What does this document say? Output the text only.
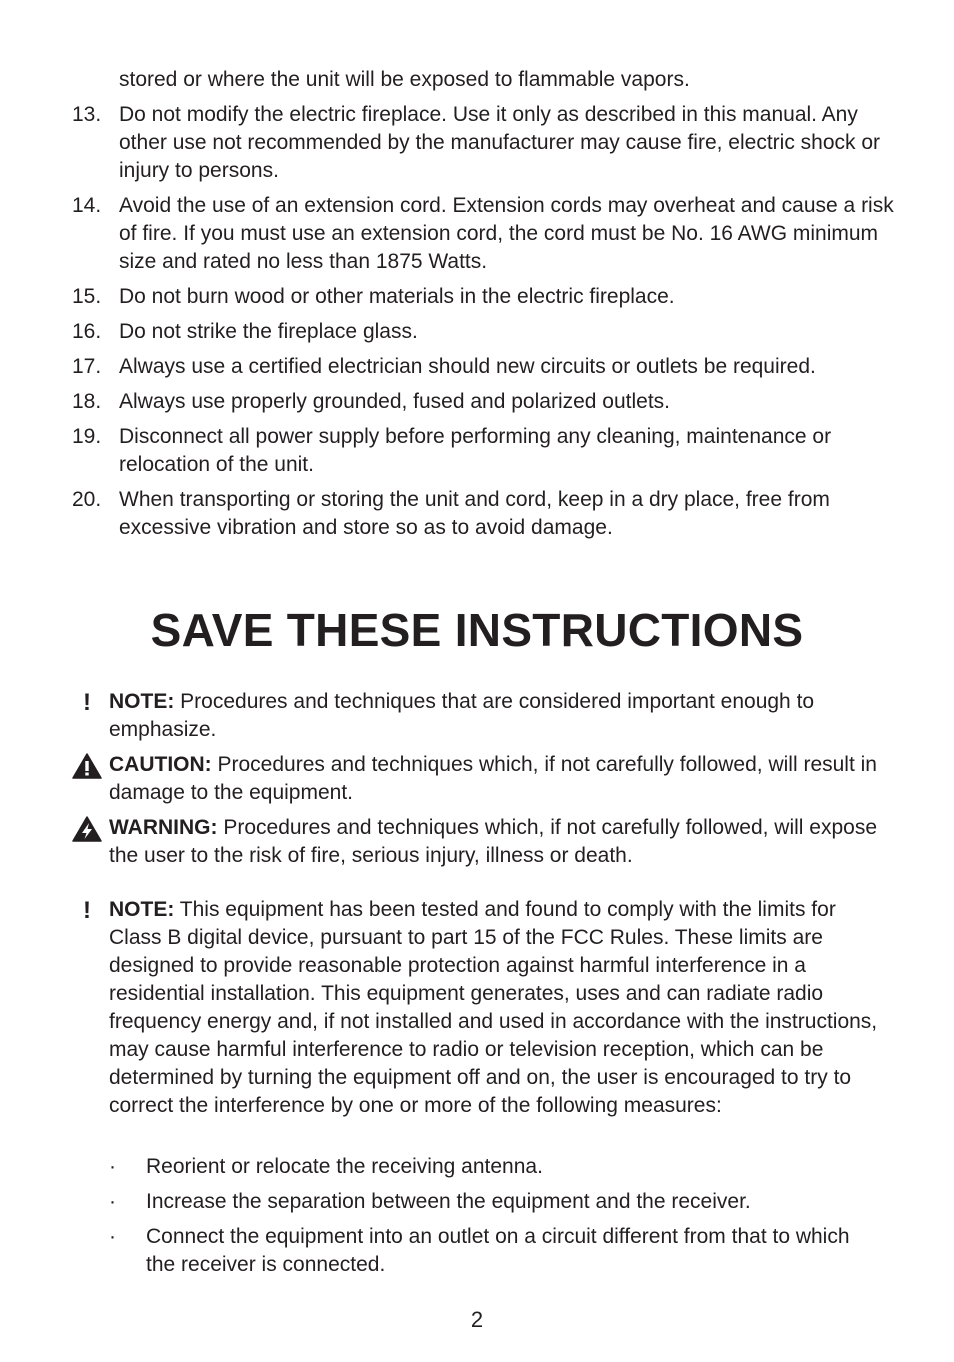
stored or where the unit will be exposed to flammable vapors.
13. Do not modify the electric fireplace. Use it only as described in this manual. Any other use not recommended by the manufacturer may cause fire, electric shock or injury to persons.
14. Avoid the use of an extension cord. Extension cords may overheat and cause a risk of fire. If you must use an extension cord, the cord must be No. 16 AWG minimum size and rated no less than 1875 Watts.
15. Do not burn wood or other materials in the electric fireplace.
16. Do not strike the fireplace glass.
17. Always use a certified electrician should new circuits or outlets be required.
18. Always use properly grounded, fused and polarized outlets.
19. Disconnect all power supply before performing any cleaning, maintenance or relocation of the unit.
20. When transporting or storing the unit and cord, keep in a dry place, free from excessive vibration and store so as to avoid damage.
SAVE THESE INSTRUCTIONS
! NOTE: Procedures and techniques that are considered important enough to emphasize.
CAUTION: Procedures and techniques which, if not carefully followed, will result in damage to the equipment.
WARNING: Procedures and techniques which, if not carefully followed, will expose the user to the risk of fire, serious injury, illness or death.
! NOTE: This equipment has been tested and found to comply with the limits for Class B digital device, pursuant to part 15 of the FCC Rules. These limits are designed to provide reasonable protection against harmful interference in a residential installation. This equipment generates, uses and can radiate radio frequency energy and, if not installed and used in accordance with the instructions, may cause harmful interference to radio or television reception, which can be determined by turning the equipment off and on, the user is encouraged to try to correct the interference by one or more of the following measures:
· Reorient or relocate the receiving antenna.
· Increase the separation between the equipment and the receiver.
· Connect the equipment into an outlet on a circuit different from that to which the receiver is connected.
2
